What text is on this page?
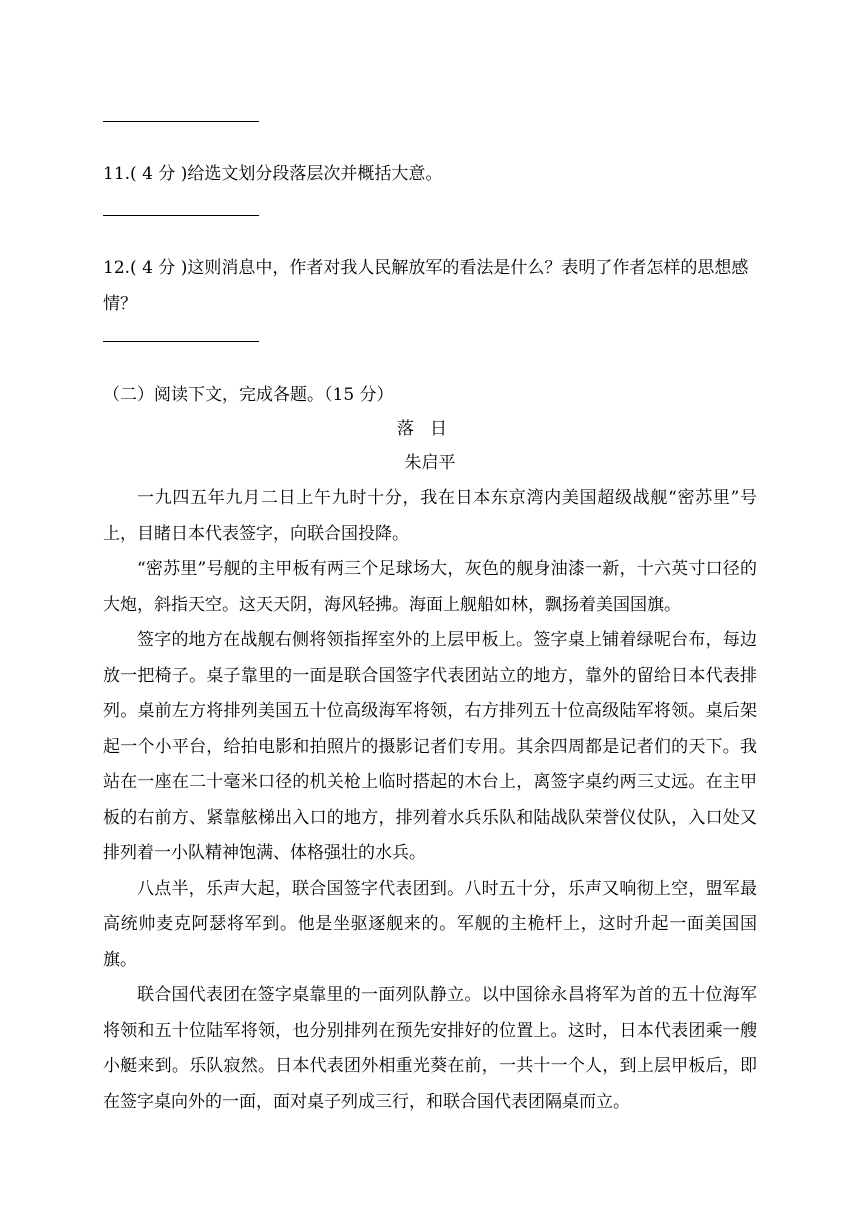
11.( 4 分 )给选文划分段落层次并概括大意。
12.( 4 分 )这则消息中，作者对我人民解放军的看法是什么？表明了作者怎样的思想感情？
（二）阅读下文，完成各题。（15 分）
落日
朱启平

一九四五年九月二日上午九时十分，我在日本东京湾内美国超级战舰“密苏里”号上，目睹日本代表签字，向联合国投降。

“密苏里”号舰的主甲板有两三个足球场大，灰色的舰身油漆一新，十六英寸口径的大炮，斜指天空。这天天阴，海风轻拂。海面上舰船如林，飘扬着美国国旗。

签字的地方在战舰右侧将领指挥室外的上层甲板上。签字桌上铺着绿呢台布，每边放一把椅子。桌子靠里的一面是联合国签字代表团站立的地方，靠外的留给日本代表排列。桌前左方将排列美国五十位高级海军将领，右方排列五十位高级陆军将领。桌后架起一个小平台，给拍电影和拍照片的摄影记者们专用。其余四周都是记者们的天下。我站在一座在二十毫米口径的机关枪上临时搭起的木台上，离签字桌约两三丈远。在主甲板的右前方、紧靠舷梯出入口的地方，排列着水兵乐队和陆战队荣誉仪仗队，入口处又排列着一小队精神饱满、体格强壮的水兵。

八点半，乐声大起，联合国签字代表团到。八时五十分，乐声又响彻上空，盟军最高统帅麦克阿瑟将军到。他是坐驱逐舰来的。军舰的主桅杆上，这时升起一面美国国旗。

联合国代表团在签字桌靠里的一面列队静立。以中国徐永昌将军为首的五十位海军将领和五十位陆军将领，也分别排列在预先安排好的位置上。这时，日本代表团乘一艘小艇来到。乐队寂然。日本代表团外相重光葵在前，一共十一个人，到上层甲板后，即在签字桌向外的一面，面对桌子列成三行，和联合国代表团隔桌而立。
